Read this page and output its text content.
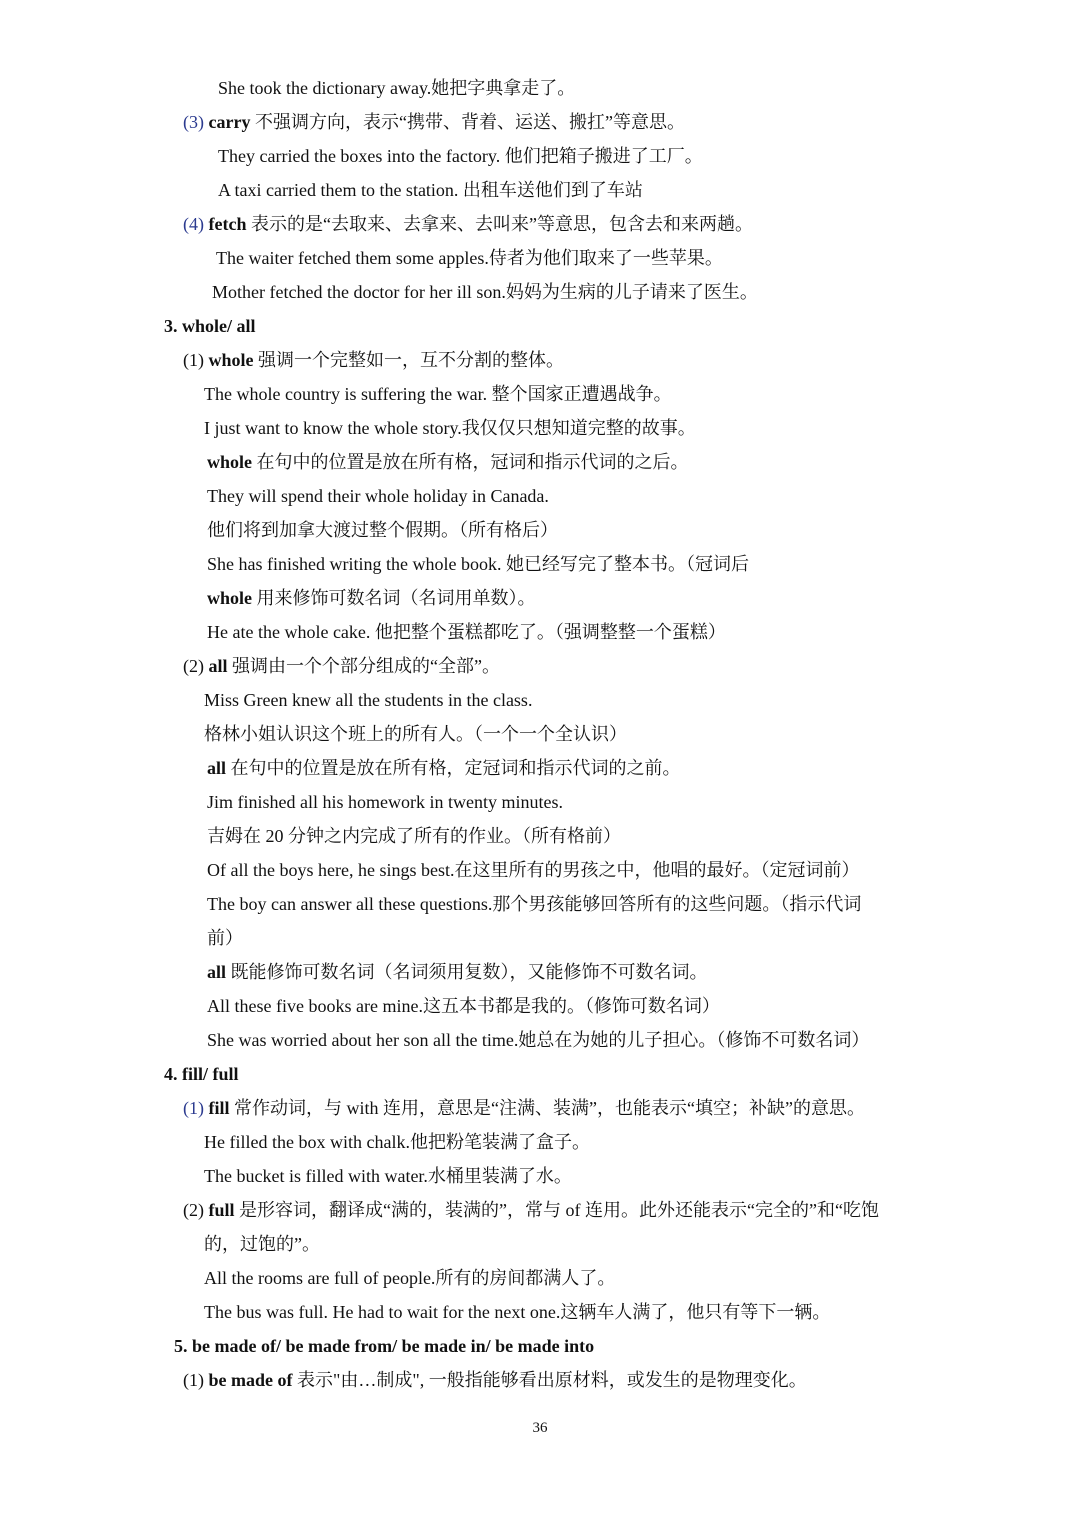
She took the dictionary away.她把字典拿走了。
(3) carry 不强调方向，表示“携带、背着、运送、搬扛”等意思。
They carried the boxes into the factory. 他们把箱子搬进了工厂。
A taxi carried them to the station. 出租车送他们到了车站
(4) fetch 表示的是“去取来、去拿来、去叫来”等意思，包含去和来两趟。
The waiter fetched them some apples.侍者为他们取来了一些苹果。
Mother fetched the doctor for her ill son.妈妈为生病的儿子请来了医生。
3. whole/ all
(1) whole 强调一个完整如一，互不分割的整体。
The whole country is suffering the war. 整个国家正遭遇战争。
I just want to know the whole story.我仅仅只想知道完整的故事。
whole 在句中的位置是放在所有格，冠词和指示代词的之后。
They will spend their whole holiday in Canada.
他们将到加拿大渡过整个假期。（所有格后）
She has finished writing the whole book. 她已经写完了整本书。（冠词后
whole 用来修饰可数名词（名词用单数）。
He ate the whole cake. 他把整个蛋糕都吃了。（强调整整一个蛋糕）
(2) all 强调由一个个部分组成的“全部”。
Miss Green knew all the students in the class.
格林小姐认识这个班上的所有人。（一个一个全认识）
all 在句中的位置是放在所有格，定冠词和指示代词的之前。
Jim finished all his homework in twenty minutes.
吉姆在 20 分钟之内完成了所有的作业。（所有格前）
Of all the boys here, he sings best.在这里所有的男孩之中，他唱的最好。（定冠词前）
The boy can answer all these questions.那个男孩能够回答所有的这些问题。（指示代词
前）
all 既能修饰可数名词（名词须用复数），又能修饰不可数名词。
All these five books are mine.这五本书都是我的。（修饰可数名词）
She was worried about her son all the time.她总在为她的儿子担心。（修饰不可数名词）
4. fill/ full
(1) fill 常作动词，与 with 连用，意思是“注满、装满”，也能表示“填空；补缺”的意思。
He filled the box with chalk.他把粉笔装满了盒子。
The bucket is filled with water.水桶里装满了水。
(2) full 是形容词，翻译成“满的，装满的”，常与 of 连用。此外还能表示“完全的”和“吃饱
的，过饱的”。
All the rooms are full of people.所有的房间都满人了。
The bus was full. He had to wait for the next one.这辆车人满了，他只有等下一辆。
5. be made of/ be made from/ be made in/ be made into
(1) be made of 表示"由…制成", 一般指能够看出原材料，或发生的是物理变化。
36
